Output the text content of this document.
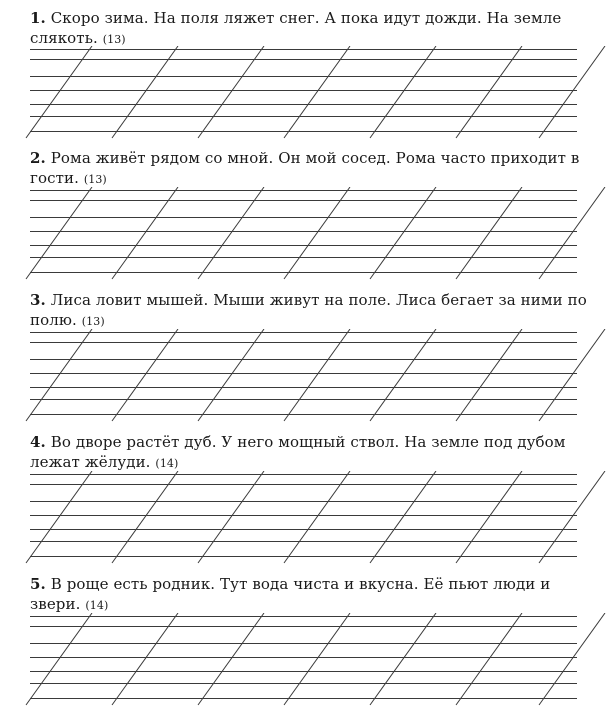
1. Скоро зима. На поля ляжет снег. А пока идут дожди. На земле слякоть. (13)
2. Рома живёт рядом со мной. Он мой сосед. Рома часто приходит в гости. (13)
3. Лиса ловит мышей. Мыши живут на поле. Лиса бегает за ними по полю. (13)
4. Во дворе растёт дуб. У него мощный ствол. На земле под дубом лежат жёлуди. (14)
5. В роще есть родник. Тут вода чиста и вкусна. Её пьют люди и звери. (14)
